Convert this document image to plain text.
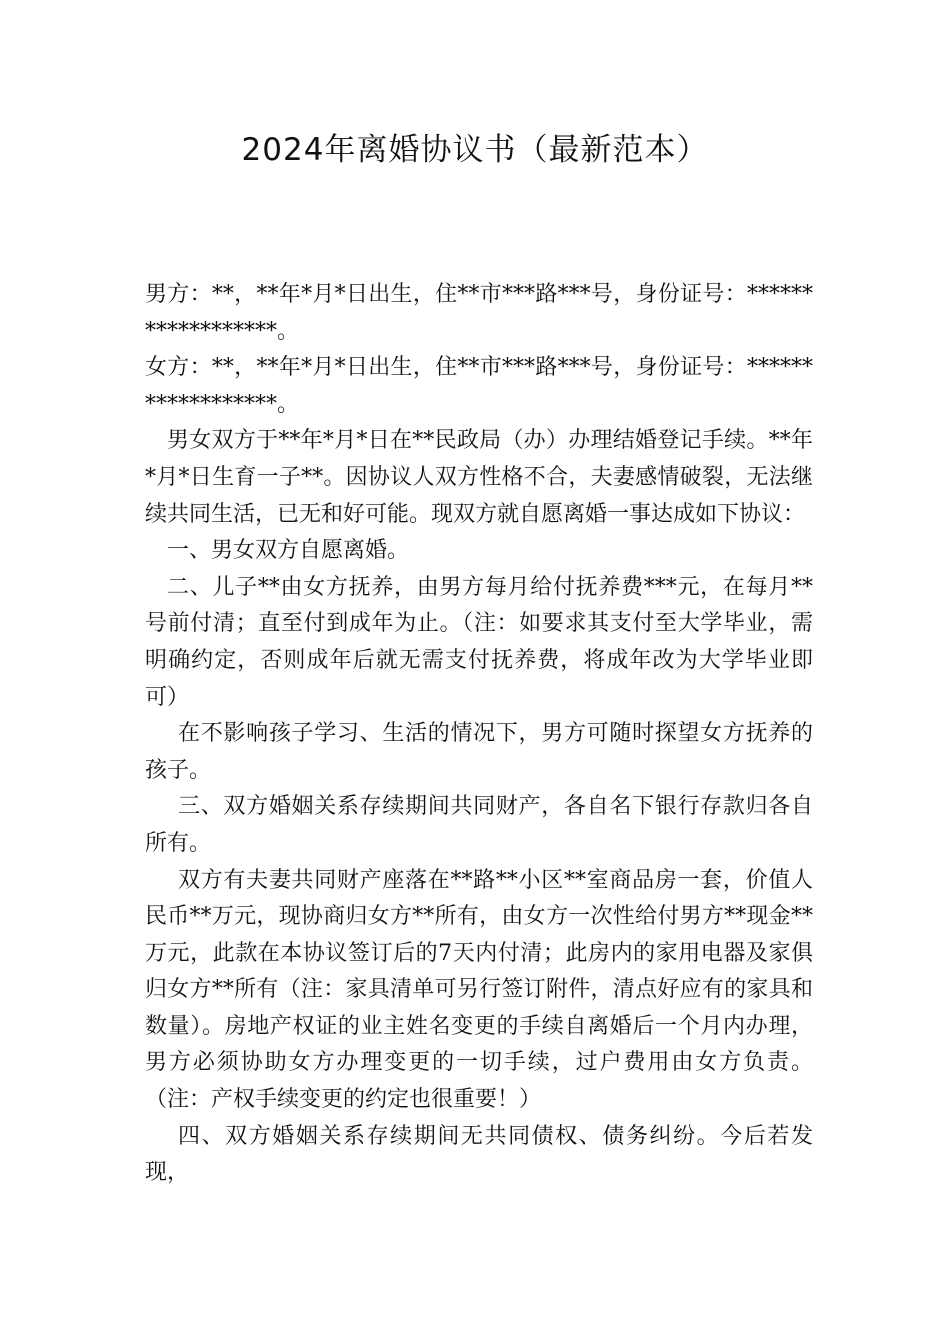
2024年离婚协议书（最新范本）

男方：**，**年*月*日出生，住**市***路***号，身份证号：******************。

女方：**，**年*月*日出生，住**市***路***号，身份证号：******************。

男女双方于**年*月*日在**民政局（办）办理结婚登记手续。**年*月*日生育一子**。因协议人双方性格不合，夫妻感情破裂，无法继续共同生活，已无和好可能。现双方就自愿离婚一事达成如下协议：

一、男女双方自愿离婚。

二、儿子**由女方抚养，由男方每月给付抚养费***元，在每月**号前付清；直至付到成年为止。（注：如要求其支付至大学毕业，需明确约定，否则成年后就无需支付抚养费，将成年改为大学毕业即可）

在不影响孩子学习、生活的情况下，男方可随时探望女方抚养的孩子。

三、双方婚姻关系存续期间共同财产，各自名下银行存款归各自所有。

双方有夫妻共同财产座落在**路**小区**室商品房一套，价值人民币**万元，现协商归女方**所有，由女方一次性给付男方**现金**万元，此款在本协议签订后的7天内付清；此房内的家用电器及家俱归女方**所有（注：家具清单可另行签订附件，清点好应有的家具和数量）。房地产权证的业主姓名变更的手续自离婚后一个月内办理，男方必须协助女方办理变更的一切手续，过户费用由女方负责。（注：产权手续变更的约定也很重要！）

四、双方婚姻关系存续期间无共同债权、债务纠纷。今后若发现，
